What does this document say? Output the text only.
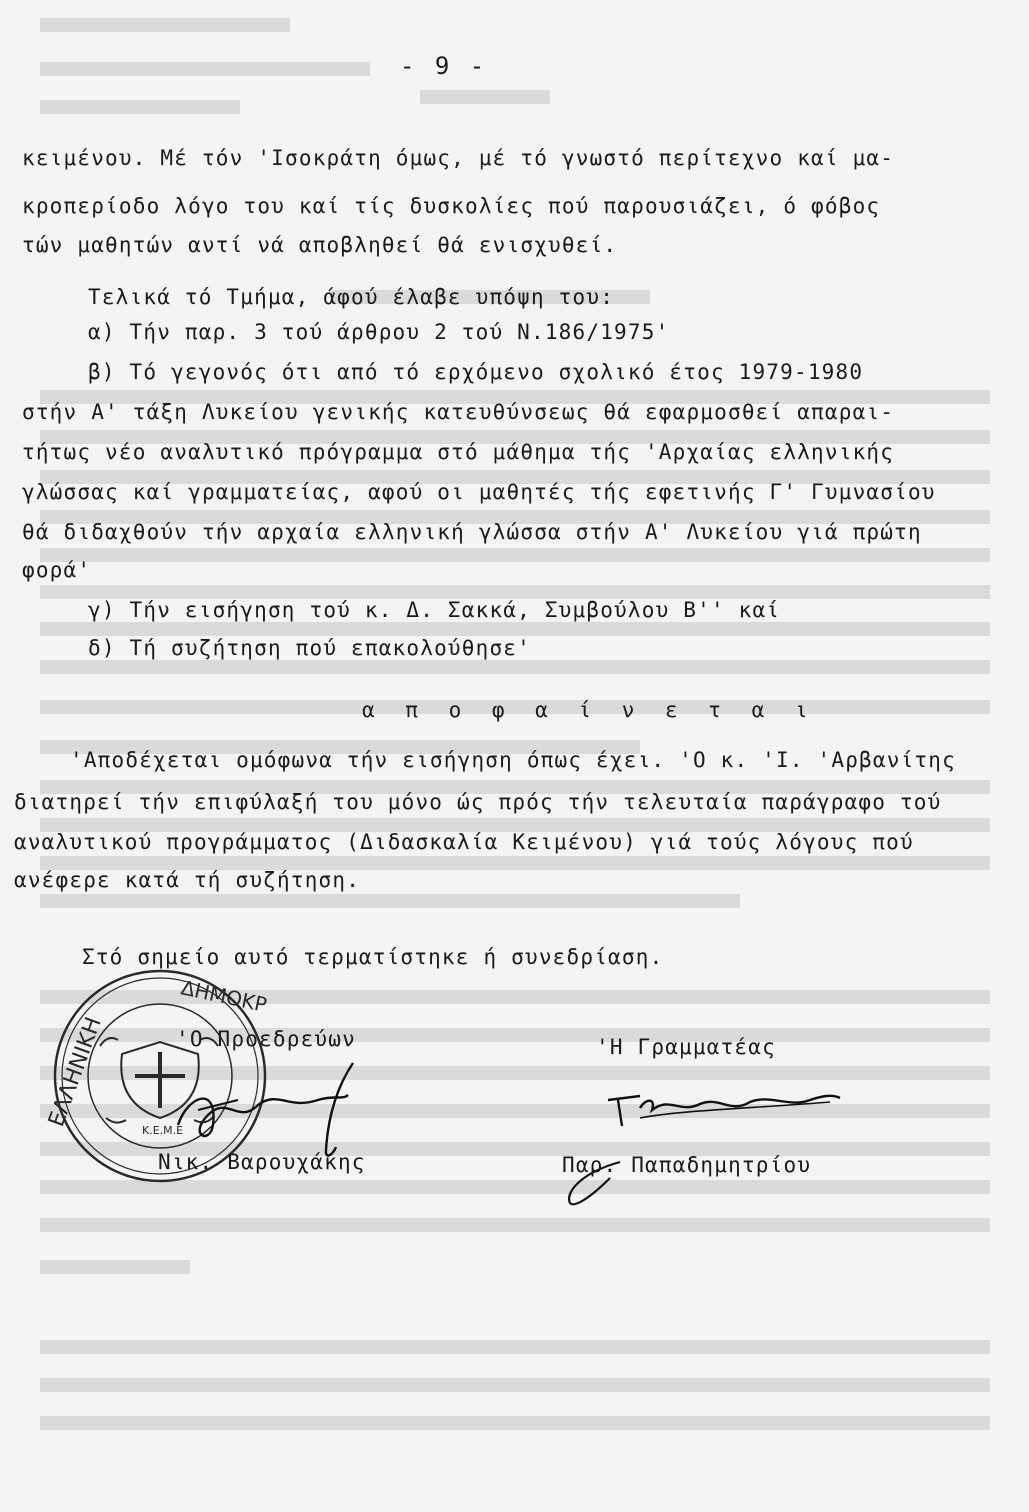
- 9 -
κειμένου. Μέ τόν 'Ισοκράτη όμως, μέ τό γνωστό περίτεχνο καί μα-
κροπερίοδο λόγο του καί τίς δυσκολίες πού παρουσιάζει, ό φόβος
τών μαθητών αντί νά αποβληθεί θά ενισχυθεί.
Τελικά τό Τμήμα, άφού έλαβε υπόψη του:
α) Τήν παρ. 3 τού άρθρου 2 τού Ν.186/1975'
β) Τό γεγονός ότι από τό ερχόμενο σχολικό έτος 1979-1980
στήν Α' τάξη Λυκείου γενικής κατευθύνσεως θά εφαρμοσθεί απαραι-
τήτως νέο αναλυτικό πρόγραμμα στό μάθημα τής 'Αρχαίας ελληνικής
γλώσσας καί γραμματείας, αφού οι μαθητές τής εφετινής Γ' Γυμνασίου
θά διδαχθούν τήν αρχαία ελληνική γλώσσα στήν Α' Λυκείου γιά πρώτη
φορά'
γ) Τήν εισήγηση τού κ. Δ. Σακκά, Συμβούλου Β'' καί
δ) Τή συζήτηση πού επακολούθησε'
α π ο φ α ί ν ε τ α ι
'Αποδέχεται ομόφωνα τήν εισήγηση όπως έχει. 'Ο κ. 'Ι. 'Αρβανίτης
διατηρεί τήν επιφύλαξή του μόνο ώς πρός τήν τελευταία παράγραφο τού
αναλυτικού προγράμματος (Διδασκαλία Κειμένου) γιά τούς λόγους πού
ανέφερε κατά τή συζήτηση.
Στό σημείο αυτό τερματίστηκε ή συνεδρίαση.
ΕΛΛΗΝΙΚΗ
ΔΗΜΟΚΡ
Κ.Ε.Μ.Ε
'Ο Προεδρεύων	'Η Γραμματέας
Νικ. Βαρουχάκης	Παρ. Παπαδημητρίου
